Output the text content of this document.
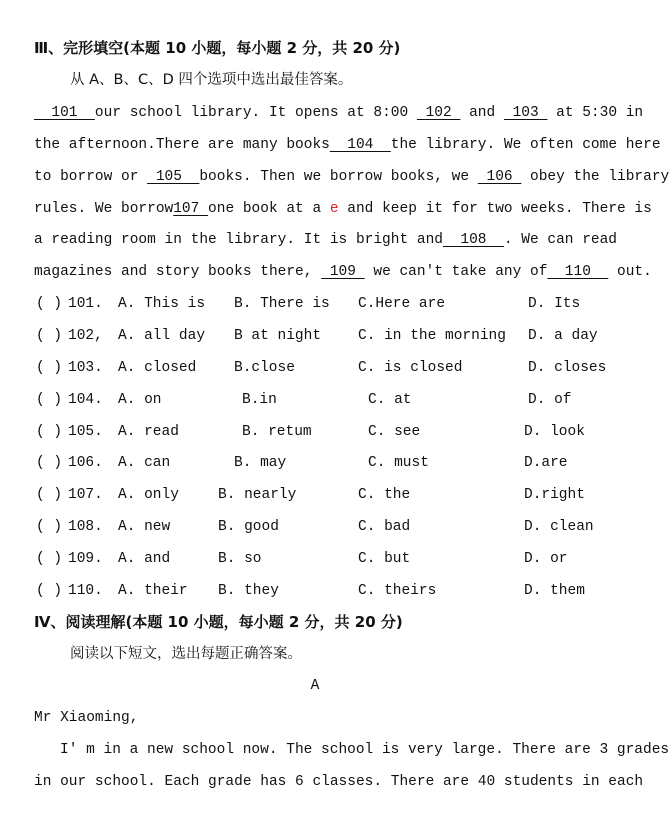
Ⅲ、完形填空(本题 10 小题，每小题 2 分，共 20 分)
从 A、B、C、D 四个选项中选出最佳答案。
101  our school library. It opens at 8:00  102  and  103  at 5:30 in
the afternoon.There are many books  104  the library. We often come here
to borrow or  105  books. Then we borrow books, we  106  obey the library
rules. We borrow107 one book at a e and keep it for two weeks. There is
a reading room in the library. It is bright and  108  . We can read
magazines and story books there,  109  we can't take any of  110   out.
( ) 101. A. This is B. There is C.Here are	D. Its
( ) 102, A. all day B at night	C. in the morning D. a day
( ) 103. A. closed	B.close	C. is closed	D. closes
( ) 104. A. on	B.in	C. at	D. of
( ) 105. A. read	B. retum	C. see	D. look
( ) 106. A. can	B. may	C. must	D.are
( ) 107. A. only	B. nearly	C. the	D.right
( ) 108. A. new	B. good	C. bad	D. clean
( ) 109. A. and	B. so	C. but	D. or
( ) 110. A. their B. they	C. theirs	D. them
Ⅳ、阅读理解(本题 10 小题，每小题 2 分，共 20 分)
阅读以下短文，选出每题正确答案。
A
Mr Xiaoming,
I' m in a new school now. The school is very large. There are 3 grades
in our school. Each grade has 6 classes. There are 40 students in each
